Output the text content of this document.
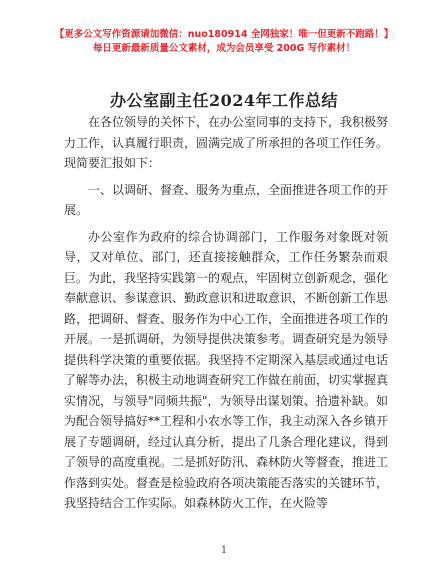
【更多公文写作资源请加微信：nuo180914 全网独家！唯一但更新不跑路！】
每日更新最新质量公文素材，成为会员享受 200G 写作素材！
办公室副主任2024年工作总结

在各位领导的关怀下，在办公室同事的支持下，我积极努力工作，认真履行职责，圆满完成了所承担的各项工作任务。现简要汇报如下：

一、以调研、督查、服务为重点，全面推进各项工作的开展。

办公室作为政府的综合协调部门，工作服务对象既对领导，又对单位、部门，还直接接触群众，工作任务繁杂而艰巨。为此，我坚持实践第一的观点，牢固树立创新观念，强化奉献意识、参谋意识、勤政意识和进取意识，不断创新工作思路，把调研、督查、服务作为中心工作，全面推进各项工作的开展。一是抓调研，为领导提供决策参考。调查研究是为领导提供科学决策的重要依据。我坚持不定期深入基层或通过电话了解等办法，积极主动地调查研究工作做在前面，切实掌握真实情况，与领导"同频共振"，为领导出谋划策、拾遗补缺。如为配合领导搞好**工程和小农水等工作，我主动深入各乡镇开展了专题调研，经过认真分析，提出了几条合理化建议，得到了领导的高度重视。二是抓好防汛、森林防火等督查，推进工作落到实处。督查是检验政府各项决策能否落实的关键环节，我坚持结合工作实际。如森林防火工作，在火险等

1
